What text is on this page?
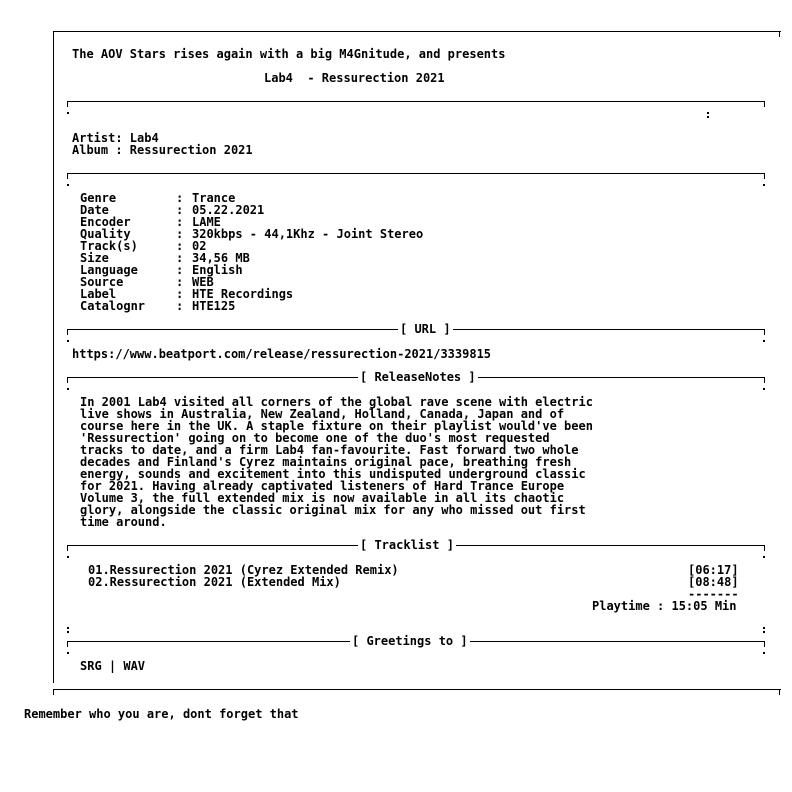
The AOV Stars rises again with a big M4Gnitude, and presents
Lab4  - Ressurection 2021
Artist: Lab4
Album : Ressurection 2021
Genre
Date
Encoder
Quality
Track(s)
Size
Language
Source
Label
Catalognr
:
:
:
:
:
:
:
:
:
:
Trance
05.22.2021
LAME
320kbps - 44,1Khz - Joint Stereo
02
34,56 MB
English
WEB
HTE Recordings
HTE125
[ URL ]
https://www.beatport.com/release/ressurection-2021/3339815
[ ReleaseNotes ]
In 2001 Lab4 visited all corners of the global rave scene with electric
live shows in Australia, New Zealand, Holland, Canada, Japan and of
course here in the UK. A staple fixture on their playlist would've been
'Ressurection' going on to become one of the duo's most requested
tracks to date, and a firm Lab4 fan-favourite. Fast forward two whole
decades and Finland's Cyrez maintains original pace, breathing fresh
energy, sounds and excitement into this undisputed underground classic
for 2021. Having already captivated listeners of Hard Trance Europe
Volume 3, the full extended mix is now available in all its chaotic
glory, alongside the classic original mix for any who missed out first
time around.
[ Tracklist ]
01.Ressurection 2021 (Cyrez Extended Remix)	[06:17]
02.Ressurection 2021 (Extended Mix)	[08:48]
-------
Playtime : 15:05 Min
[ Greetings to ]
SRG | WAV
Remember who you are, dont forget that
